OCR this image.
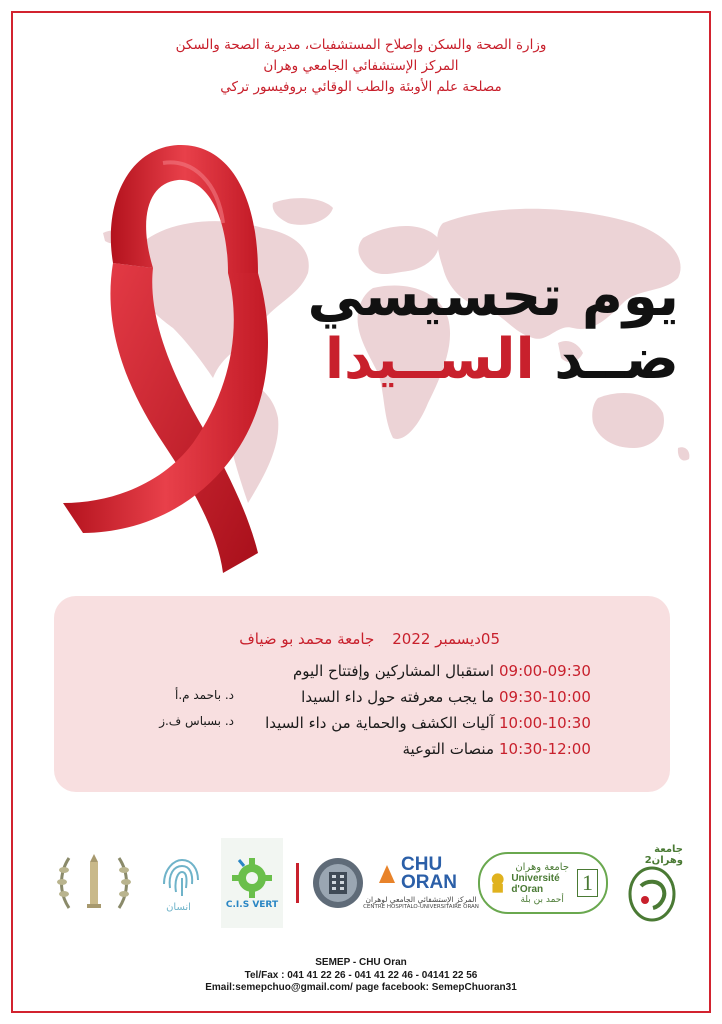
وزارة الصحة والسكن وإصلاح المستشفيات، مديرية الصحة والسكن
المركز الإستشفائي الجامعي وهران
مصلحة علم الأوبئة والطب الوقائي بروفيسور تركي
يوم تحسيسي
ضــد الســيدا
05ديسمبر 2022جامعة محمد بو ضياف
09:00-09:30
استقبال المشاركين وإفتتاح اليوم
09:30-10:00
ما يجب معرفته حول داء السيدا
د. باحمد م.أ
10:00-10:30
آليات الكشف والحماية من داء السيدا
د. بسباس ف.ز
10:30-12:00
منصات التوعية
انسان	C.I.S VERT
CHU ORAN
المركز الإستشفائي الجامعي لوهران
CENTRE HOSPITALO-UNIVERSITAIRE ORAN
جامعة وهران
Université d'Oran
أحمد بن بلة
1
جامعة وهران2
SEMEP - CHU Oran
Tel/Fax : 041 41 22 26 - 041 41 22 46 - 04141 22 56
Email:semepchuo@gmail.com/ page facebook: SemepChuoran31
